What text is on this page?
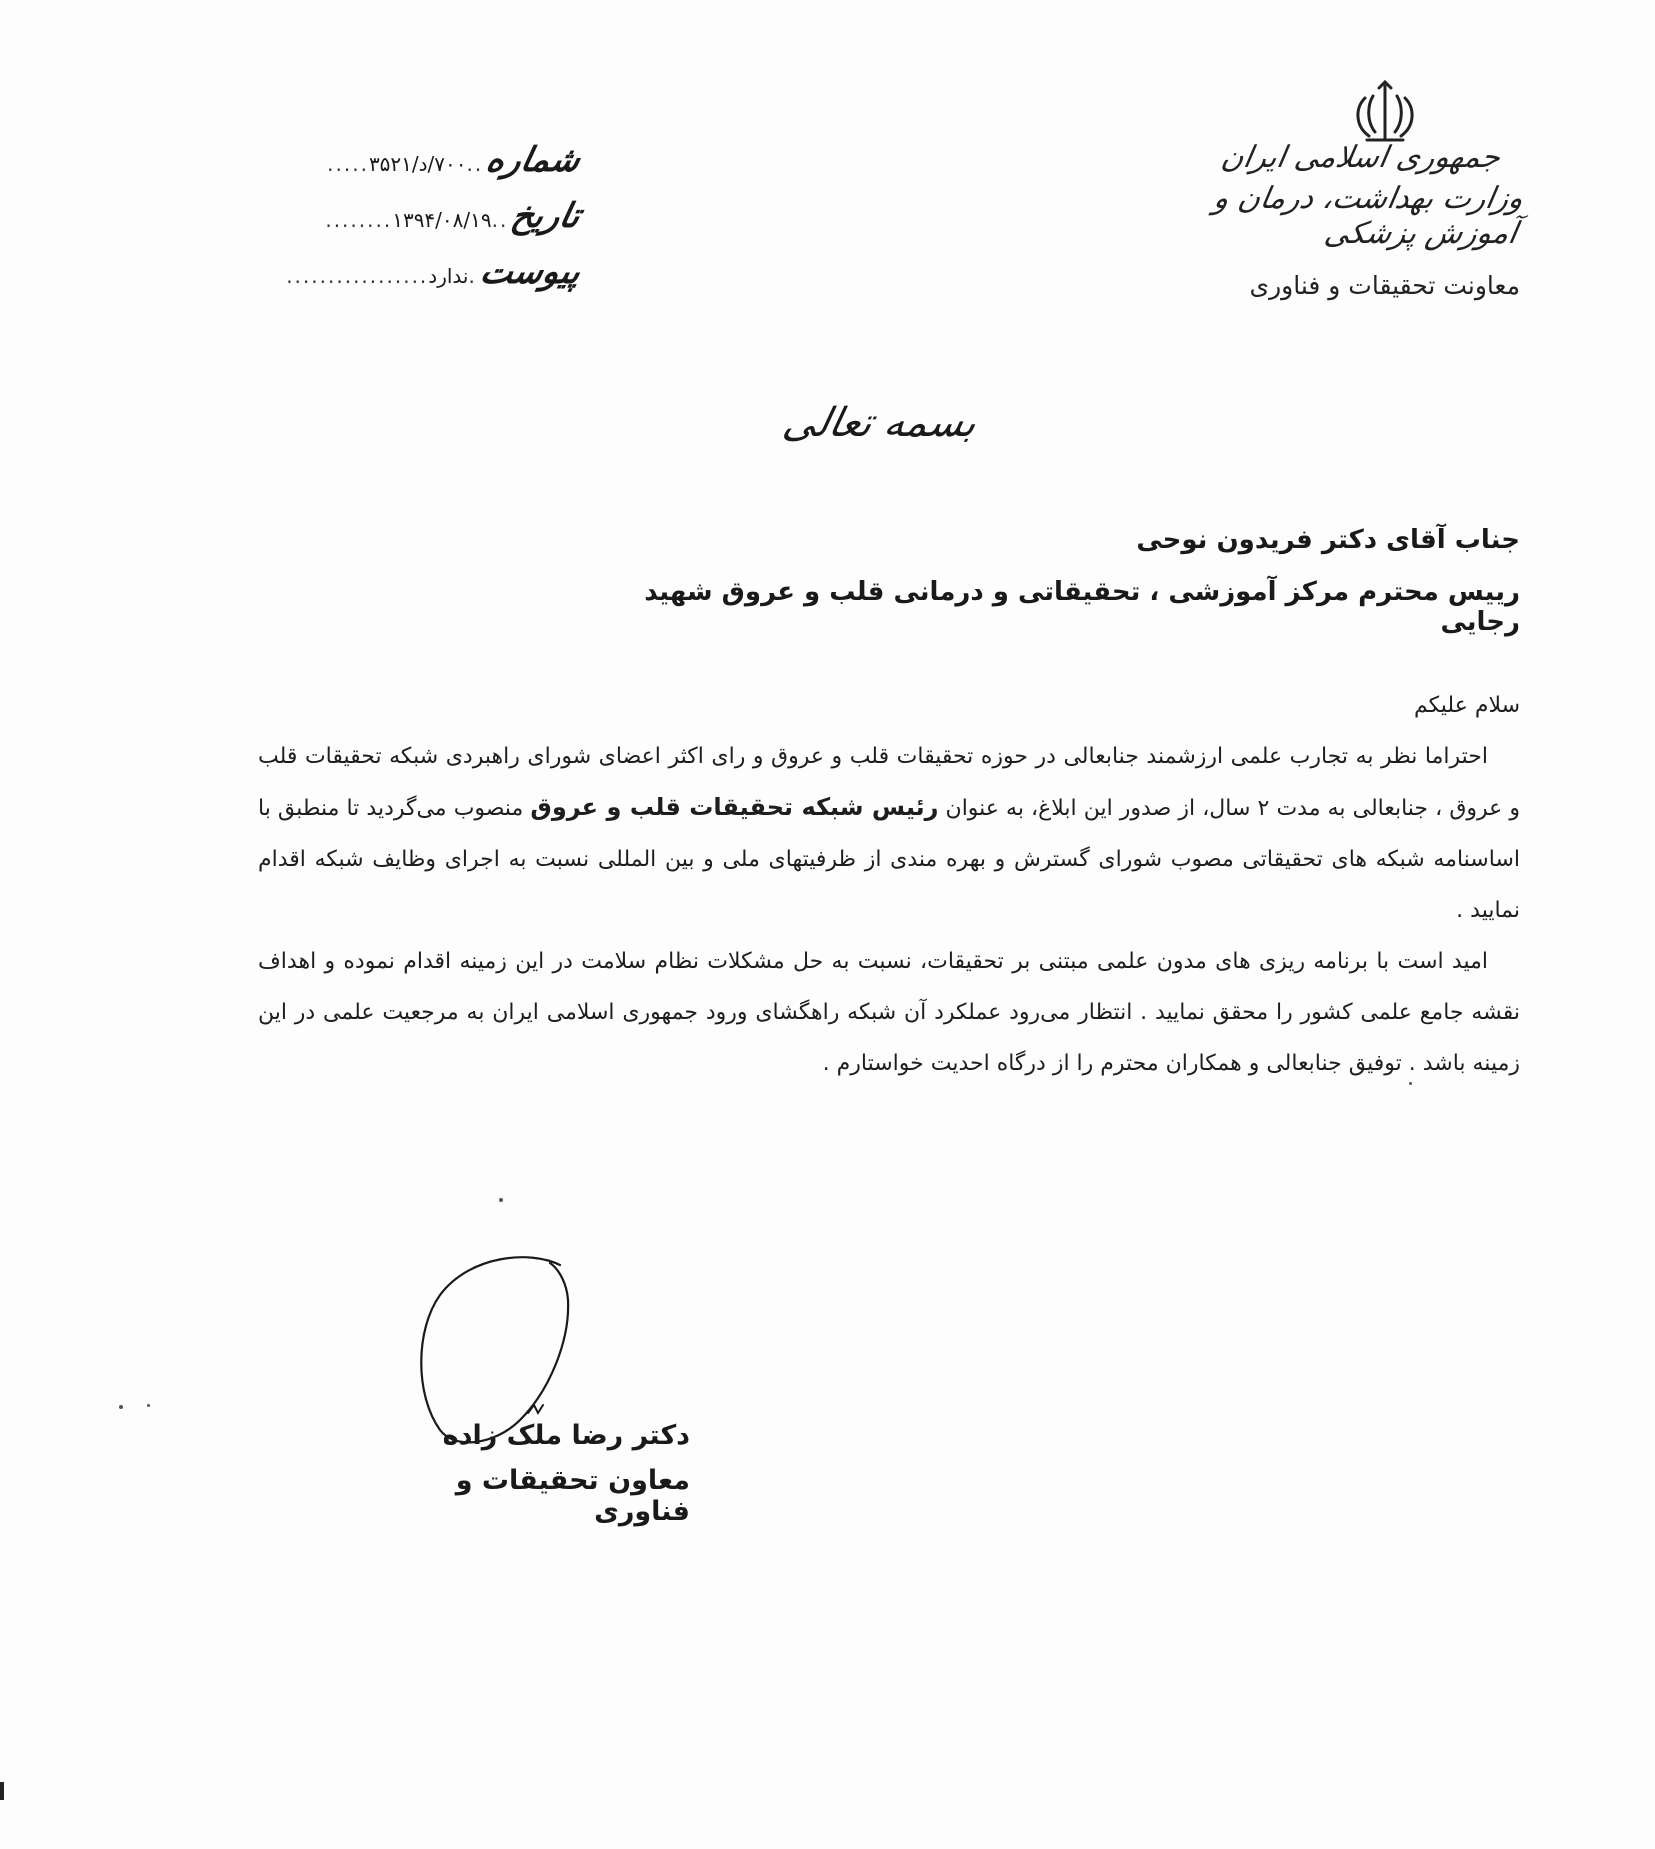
جمهوری اسلامی ایران
وزارت بهداشت، درمان و آموزش پزشکی
معاونت تحقیقات و فناوری
شماره
..
۷۰۰/د/۳۵۲۱
.....
تاریخ
..
۱۳۹۴/۰۸/۱۹
........
پیوست
.
ندارد
.................
بسمه تعالی
جناب آقای دکتر فریدون نوحی
رییس محترم مرکز آموزشی ، تحقیقاتی و درمانی قلب و عروق شهید رجایی

سلام علیکم

احتراما نظر به تجارب علمی ارزشمند جنابعالی در حوزه تحقیقات قلب و عروق و رای اکثر اعضای شورای راهبردی شبکه تحقیقات قلب و عروق ، جنابعالی به مدت ۲ سال، از صدور این ابلاغ، به عنوان رئیس شبکه تحقیقات قلب و عروق منصوب می‌گردید تا منطبق با اساسنامه شبکه های تحقیقاتی مصوب شورای گسترش و بهره مندی از ظرفیتهای ملی و بین المللی نسبت به اجرای وظایف شبکه اقدام نمایید .

امید است با برنامه ریزی های مدون علمی مبتنی بر تحقیقات، نسبت به حل مشکلات نظام سلامت در این زمینه اقدام نموده و اهداف نقشه جامع علمی کشور را محقق نمایید . انتظار می‌رود عملکرد آن شبکه راهگشای ورود جمهوری اسلامی ایران به مرجعیت علمی در این زمینه باشد . توفیق جنابعالی و همکاران محترم را از درگاه احدیت خواستارم .

دکتر رضا ملک زاده
معاون تحقیقات و فناوری
